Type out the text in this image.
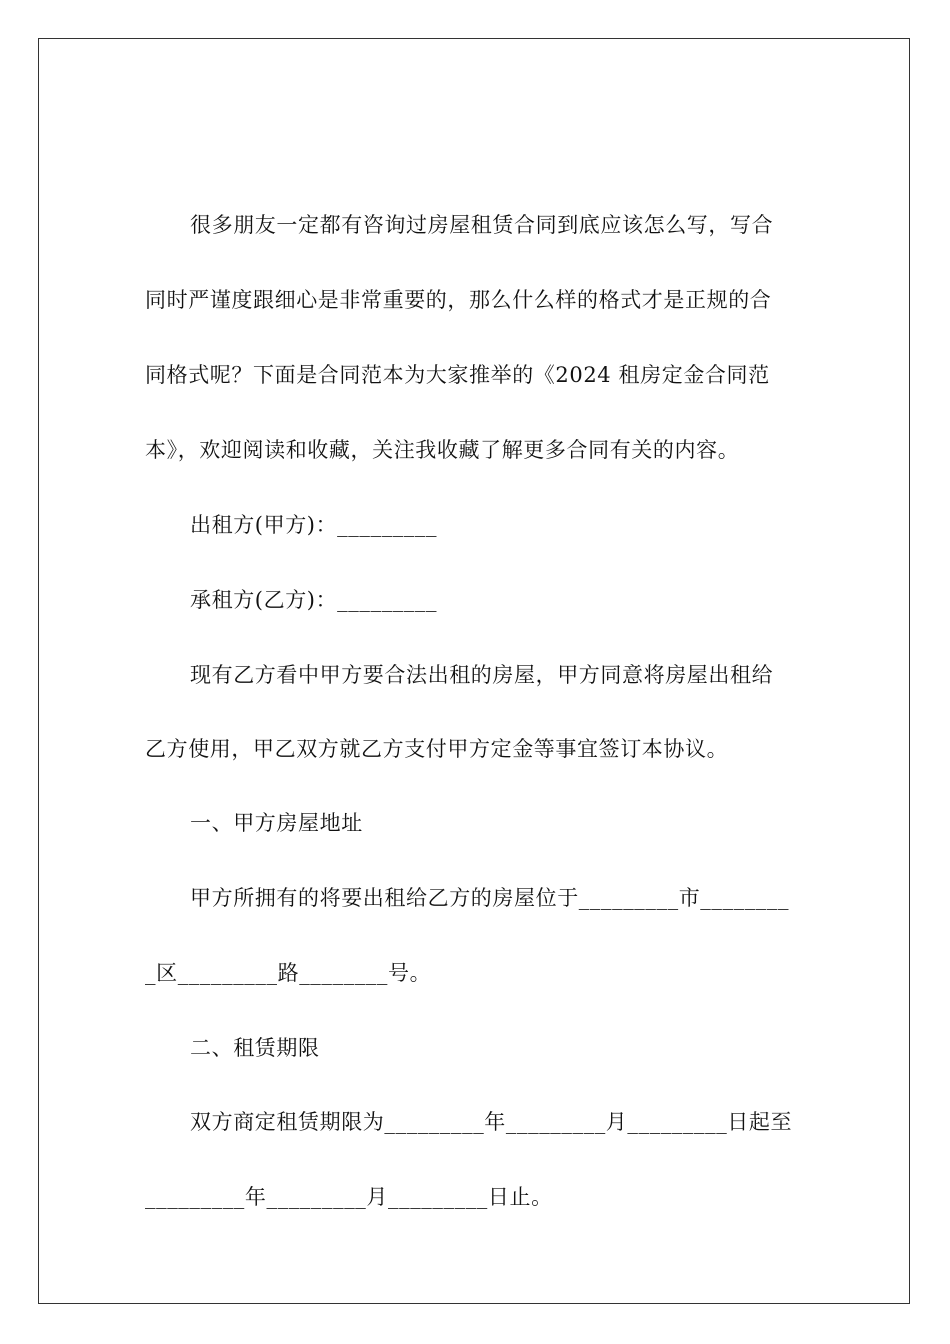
很多朋友一定都有咨询过房屋租赁合同到底应该怎么写，写合
同时严谨度跟细心是非常重要的，那么什么样的格式才是正规的合
同格式呢？下面是合同范本为大家推举的《2024 租房定金合同范
本》，欢迎阅读和收藏，关注我收藏了解更多合同有关的内容。
出租方(甲方)：_________
承租方(乙方)：_________
现有乙方看中甲方要合法出租的房屋，甲方同意将房屋出租给
乙方使用，甲乙双方就乙方支付甲方定金等事宜签订本协议。
一、甲方房屋地址
甲方所拥有的将要出租给乙方的房屋位于_________市________
_区_________路________号。
二、租赁期限
双方商定租赁期限为_________年_________月_________日起至
_________年_________月_________日止。
